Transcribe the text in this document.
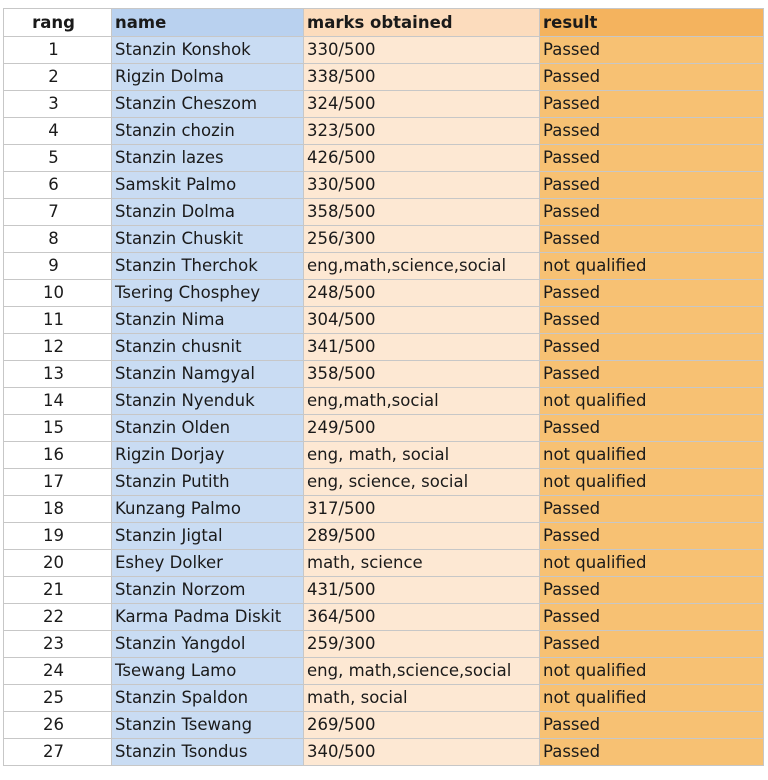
rang	name	marks obtained	result
1	Stanzin Konshok	330/500	Passed
2	Rigzin Dolma	338/500	Passed
3	Stanzin Cheszom	324/500	Passed
4	Stanzin chozin	323/500	Passed
5	Stanzin lazes	426/500	Passed
6	Samskit Palmo	330/500	Passed
7	Stanzin Dolma	358/500	Passed
8	Stanzin Chuskit	256/300	Passed
9	Stanzin Therchok	eng,math,science,social	not qualified
10	Tsering Chosphey	248/500	Passed
11	Stanzin Nima	304/500	Passed
12	Stanzin chusnit	341/500	Passed
13	Stanzin Namgyal	358/500	Passed
14	Stanzin Nyenduk	eng,math,social	not qualified
15	Stanzin Olden	249/500	Passed
16	Rigzin Dorjay	eng, math, social	not qualified
17	Stanzin Putith	eng, science, social	not qualified
18	Kunzang Palmo	317/500	Passed
19	Stanzin Jigtal	289/500	Passed
20	Eshey Dolker	math, science	not qualified
21	Stanzin Norzom	431/500	Passed
22	Karma Padma Diskit	364/500	Passed
23	Stanzin Yangdol	259/300	Passed
24	Tsewang Lamo	eng, math,science,social	not qualified
25	Stanzin Spaldon	math, social	not qualified
26	Stanzin Tsewang	269/500	Passed
27	Stanzin Tsondus	340/500	Passed
